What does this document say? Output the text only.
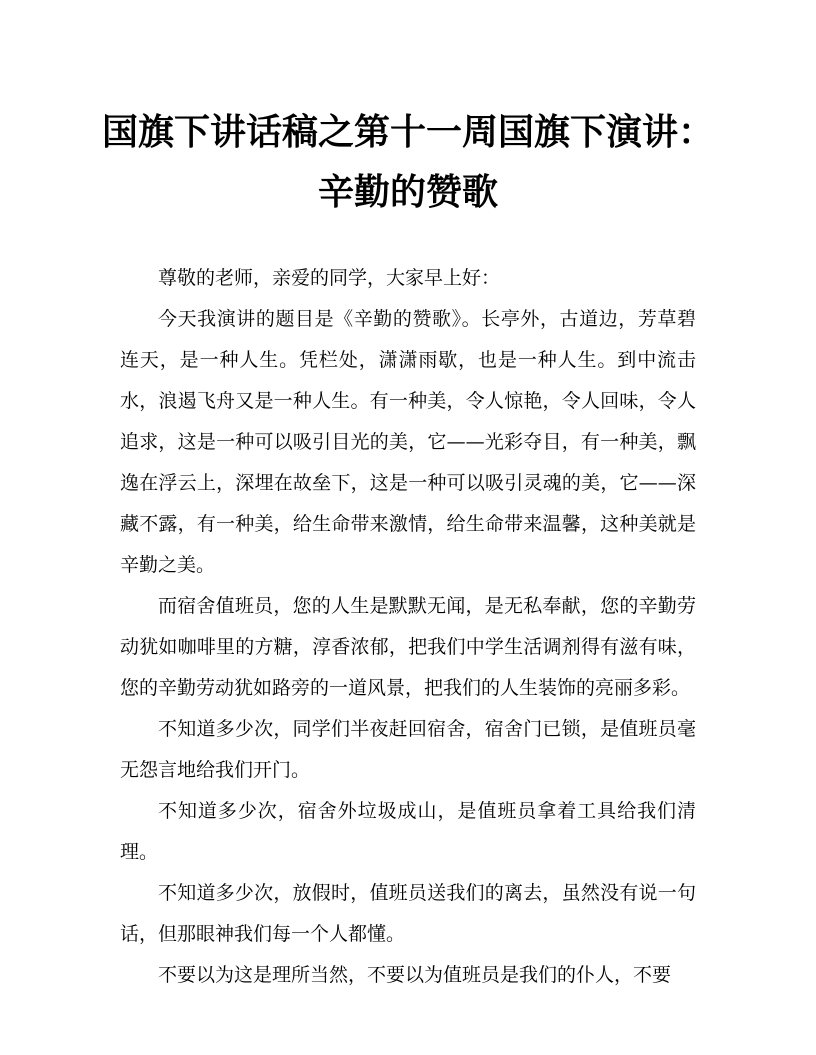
国旗下讲话稿之第十一周国旗下演讲：
辛勤的赞歌

尊敬的老师，亲爱的同学，大家早上好：

今天我演讲的题目是《辛勤的赞歌》。长亭外，古道边，芳草碧连天，是一种人生。凭栏处，潇潇雨歇，也是一种人生。到中流击水，浪遏飞舟又是一种人生。有一种美，令人惊艳，令人回味，令人追求，这是一种可以吸引目光的美，它——光彩夺目，有一种美，飘逸在浮云上，深埋在故垒下，这是一种可以吸引灵魂的美，它——深藏不露，有一种美，给生命带来激情，给生命带来温馨，这种美就是辛勤之美。

而宿舍值班员，您的人生是默默无闻，是无私奉献，您的辛勤劳动犹如咖啡里的方糖，淳香浓郁，把我们中学生活调剂得有滋有味，您的辛勤劳动犹如路旁的一道风景，把我们的人生装饰的亮丽多彩。

不知道多少次，同学们半夜赶回宿舍，宿舍门已锁，是值班员毫无怨言地给我们开门。

不知道多少次，宿舍外垃圾成山，是值班员拿着工具给我们清理。

不知道多少次，放假时，值班员送我们的离去，虽然没有说一句话，但那眼神我们每一个人都懂。

不要以为这是理所当然，不要以为值班员是我们的仆人，不要
